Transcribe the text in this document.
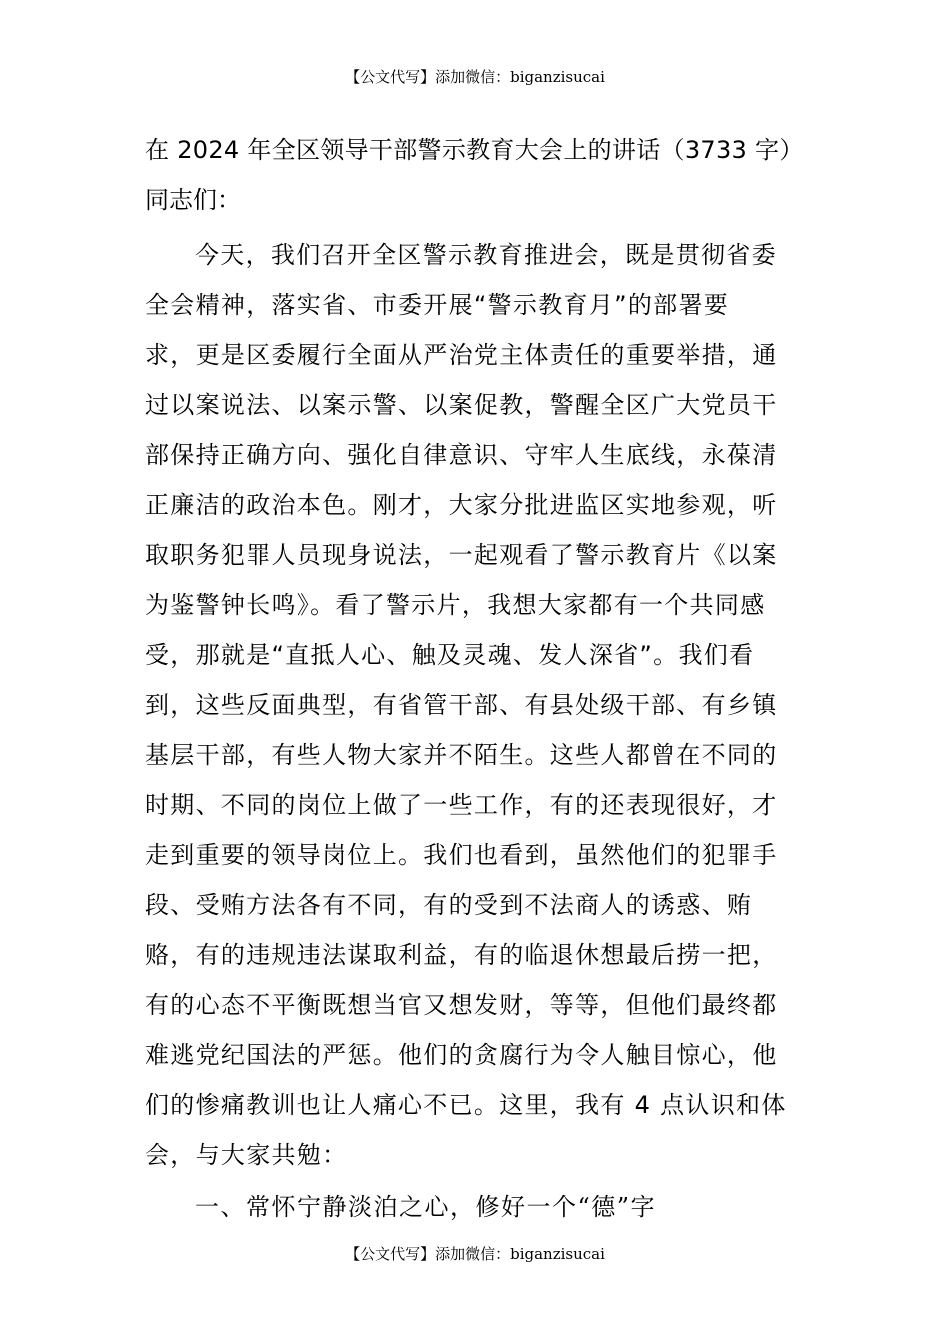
【公文代写】添加微信：biganzisucai
在 2024 年全区领导干部警示教育大会上的讲话（3733 字）
同志们：
今天，我们召开全区警示教育推进会，既是贯彻省委
全会精神，落实省、市委开展“警示教育月”的部署要
求，更是区委履行全面从严治党主体责任的重要举措，通
过以案说法、以案示警、以案促教，警醒全区广大党员干
部保持正确方向、强化自律意识、守牢人生底线，永葆清
正廉洁的政治本色。刚才，大家分批进监区实地参观，听
取职务犯罪人员现身说法，一起观看了警示教育片《以案
为鉴警钟长鸣》。看了警示片，我想大家都有一个共同感
受，那就是“直抵人心、触及灵魂、发人深省”。我们看
到，这些反面典型，有省管干部、有县处级干部、有乡镇
基层干部，有些人物大家并不陌生。这些人都曾在不同的
时期、不同的岗位上做了一些工作，有的还表现很好，才
走到重要的领导岗位上。我们也看到，虽然他们的犯罪手
段、受贿方法各有不同，有的受到不法商人的诱惑、贿
赂，有的违规违法谋取利益，有的临退休想最后捞一把，
有的心态不平衡既想当官又想发财，等等，但他们最终都
难逃党纪国法的严惩。他们的贪腐行为令人触目惊心，他
们的惨痛教训也让人痛心不已。这里，我有 4 点认识和体
会，与大家共勉：
一、常怀宁静淡泊之心，修好一个“德”字
【公文代写】添加微信：biganzisucai
